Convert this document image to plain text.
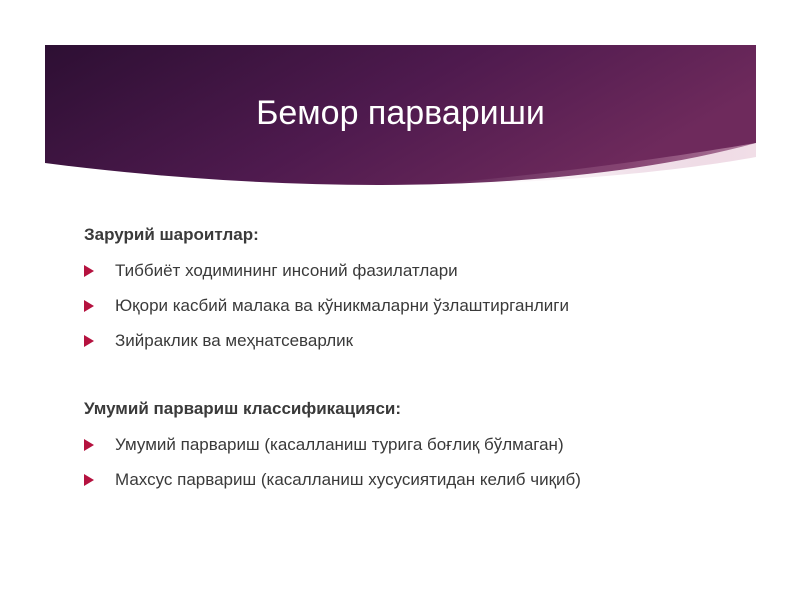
Бемор парвариши
Зарурий шароитлар:
Тиббиёт ходимининг инсоний фазилатлари
Юқори касбий малака ва кўникмаларни ўзлаштирганлиги
Зийраклик ва меҳнатсеварлик
Умумий парвариш классификацияси:
Умумий парвариш (касалланиш турига боғлиқ бўлмаган)
Махсус парвариш (касалланиш хусусиятидан келиб чиқиб)
